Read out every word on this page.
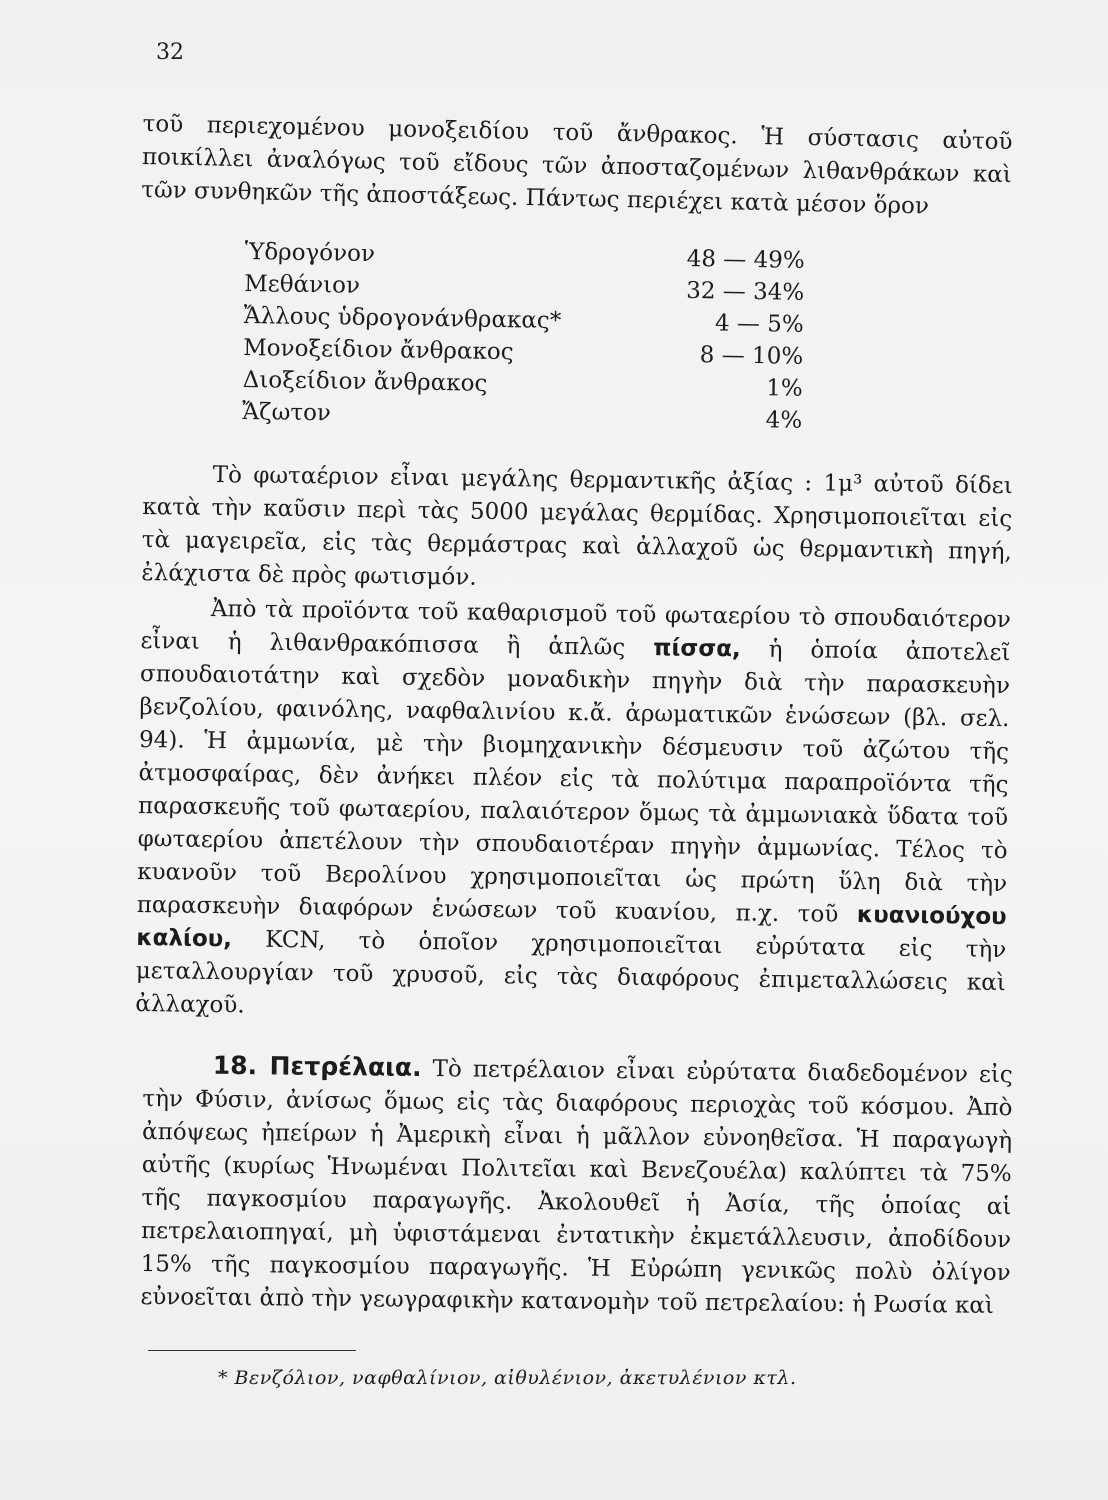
32

τοῦ περιεχομένου μονοξειδίου τοῦ ἄνθρακος. Ἡ σύστασις αὐτοῦ ποικίλλει ἀναλόγως τοῦ εἴδους τῶν ἀποσταζομένων λιθανθράκων καὶ τῶν συνθηκῶν τῆς ἀποστάξεως. Πάντως περιέχει κατὰ μέσον ὅρον

Ὑδρογόνον	48 — 49%
Μεθάνιον	32 — 34%
Ἄλλους ὑδρογονάνθρακας*	4 — 5%
Μονοξείδιον ἄνθρακος	8 — 10%
Διοξείδιον ἄνθρακος	1%
Ἄζωτον	4%

Τὸ φωταέριον εἶναι μεγάλης θερμαντικῆς ἀξίας : 1μ³ αὐτοῦ δίδει κατὰ τὴν καῦσιν περὶ τὰς 5000 μεγάλας θερμίδας. Χρησιμοποιεῖται εἰς τὰ μαγειρεῖα, εἰς τὰς θερμάστρας καὶ ἀλλαχοῦ ὡς θερμαντικὴ πηγή, ἐλάχιστα δὲ πρὸς φωτισμόν.

Ἀπὸ τὰ προϊόντα τοῦ καθαρισμοῦ τοῦ φωταερίου τὸ σπουδαιότερον εἶναι ἡ λιθανθρακόπισσα ἢ ἁπλῶς πίσσα, ἡ ὁποία ἀποτελεῖ σπουδαιοτάτην καὶ σχεδὸν μοναδικὴν πηγὴν διὰ τὴν παρασκευὴν βενζολίου, φαινόλης, ναφθαλινίου κ.ἄ. ἀρωματικῶν ἑνώσεων (βλ. σελ. 94). Ἡ ἀμμωνία, μὲ τὴν βιομηχανικὴν δέσμευσιν τοῦ ἀζώτου τῆς ἀτμοσφαίρας, δὲν ἀνήκει πλέον εἰς τὰ πολύτιμα παραπροϊόντα τῆς παρασκευῆς τοῦ φωταερίου, παλαιότερον ὅμως τὰ ἀμμωνιακὰ ὕδατα τοῦ φωταερίου ἀπετέλουν τὴν σπουδαιοτέραν πηγὴν ἀμμωνίας. Τέλος τὸ κυανοῦν τοῦ Βερολίνου χρησιμοποιεῖται ὡς πρώτη ὕλη διὰ τὴν παρασκευὴν διαφόρων ἑνώσεων τοῦ κυανίου, π.χ. τοῦ κυανιούχου καλίου, KCN, τὸ ὁποῖον χρησιμοποιεῖται εὐρύτατα εἰς τὴν μεταλλουργίαν τοῦ χρυσοῦ, εἰς τὰς διαφόρους ἐπιμεταλλώσεις καὶ ἀλλαχοῦ.

18. Πετρέλαια. Τὸ πετρέλαιον εἶναι εὐρύτατα διαδεδομένον εἰς τὴν Φύσιν, ἀνίσως ὅμως εἰς τὰς διαφόρους περιοχὰς τοῦ κόσμου. Ἀπὸ ἀπόψεως ἠπείρων ἡ Ἀμερικὴ εἶναι ἡ μᾶλλον εὐνοηθεῖσα. Ἡ παραγωγὴ αὐτῆς (κυρίως Ἡνωμέναι Πολιτεῖαι καὶ Βενεζουέλα) καλύπτει τὰ 75% τῆς παγκοσμίου παραγωγῆς. Ἀκολουθεῖ ἡ Ἀσία, τῆς ὁποίας αἱ πετρελαιοπηγαί, μὴ ὑφιστάμεναι ἐντατικὴν ἐκμετάλλευσιν, ἀποδίδουν 15% τῆς παγκοσμίου παραγωγῆς. Ἡ Εὐρώπη γενικῶς πολὺ ὀλίγον εὐνοεῖται ἀπὸ τὴν γεωγραφικὴν κατανομὴν τοῦ πετρελαίου: ἡ Ρωσία καὶ

* Βενζόλιον, ναφθαλίνιον, αἰθυλένιον, ἀκετυλένιον κτλ.
